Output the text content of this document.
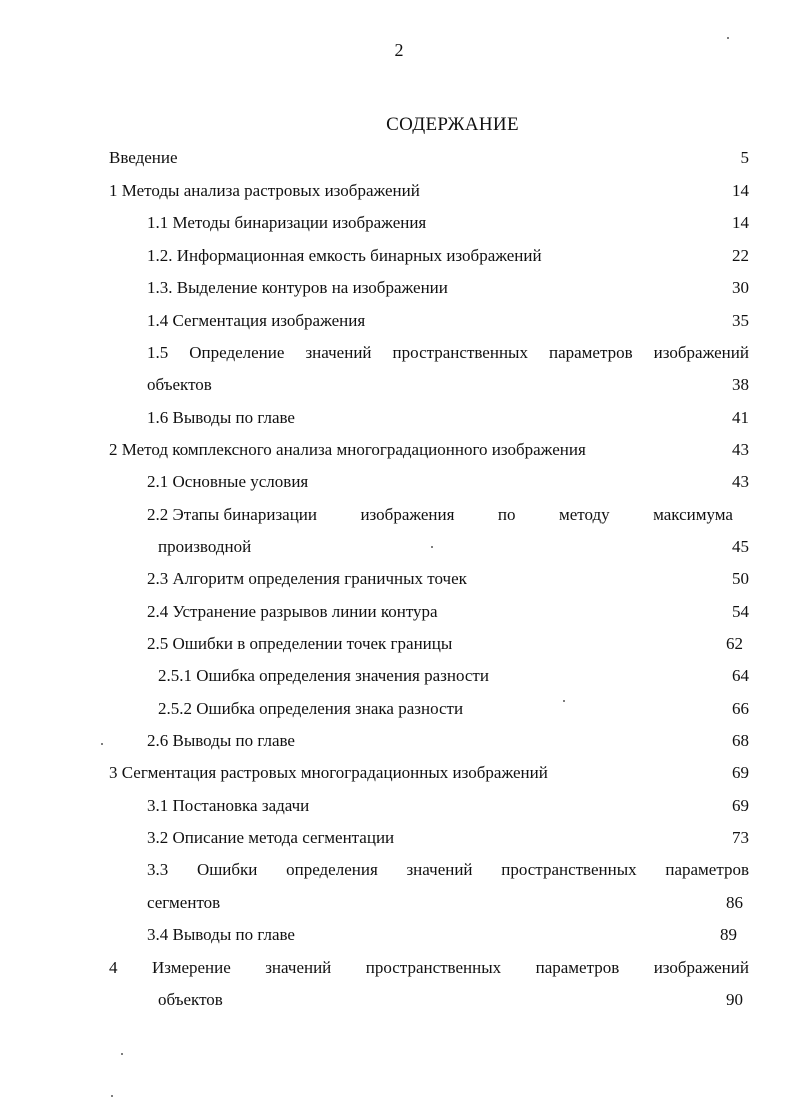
2
СОДЕРЖАНИЕ
Введение	5
1 Методы анализа растровых изображений	14
1.1 Методы бинаризации изображения	14
1.2. Информационная емкость бинарных изображений	22
1.3. Выделение контуров на изображении	30
1.4 Сегментация изображения	35
1.5 Определение значений пространственных параметров изображений
объектов	38
1.6 Выводы по главе	41
2 Метод комплексного анализа многоградационного изображения	43
2.1 Основные условия	43
2.2 Этапы бинаризации	изображения	по	методу	максимума
производной	45
2.3 Алгоритм определения граничных точек	50
2.4 Устранение разрывов линии контура	54
2.5 Ошибки в определении точек границы	62
2.5.1 Ошибка определения значения разности	64
2.5.2 Ошибка определения знака разности	66
2.6 Выводы по главе	68
3 Сегментация растровых многоградационных изображений	69
3.1 Постановка задачи	69
3.2 Описание метода сегментации	73
3.3 Ошибки определения значений пространственных параметров
сегментов	86
3.4 Выводы по главе	89
4 Измерение значений пространственных параметров изображений
объектов	90
